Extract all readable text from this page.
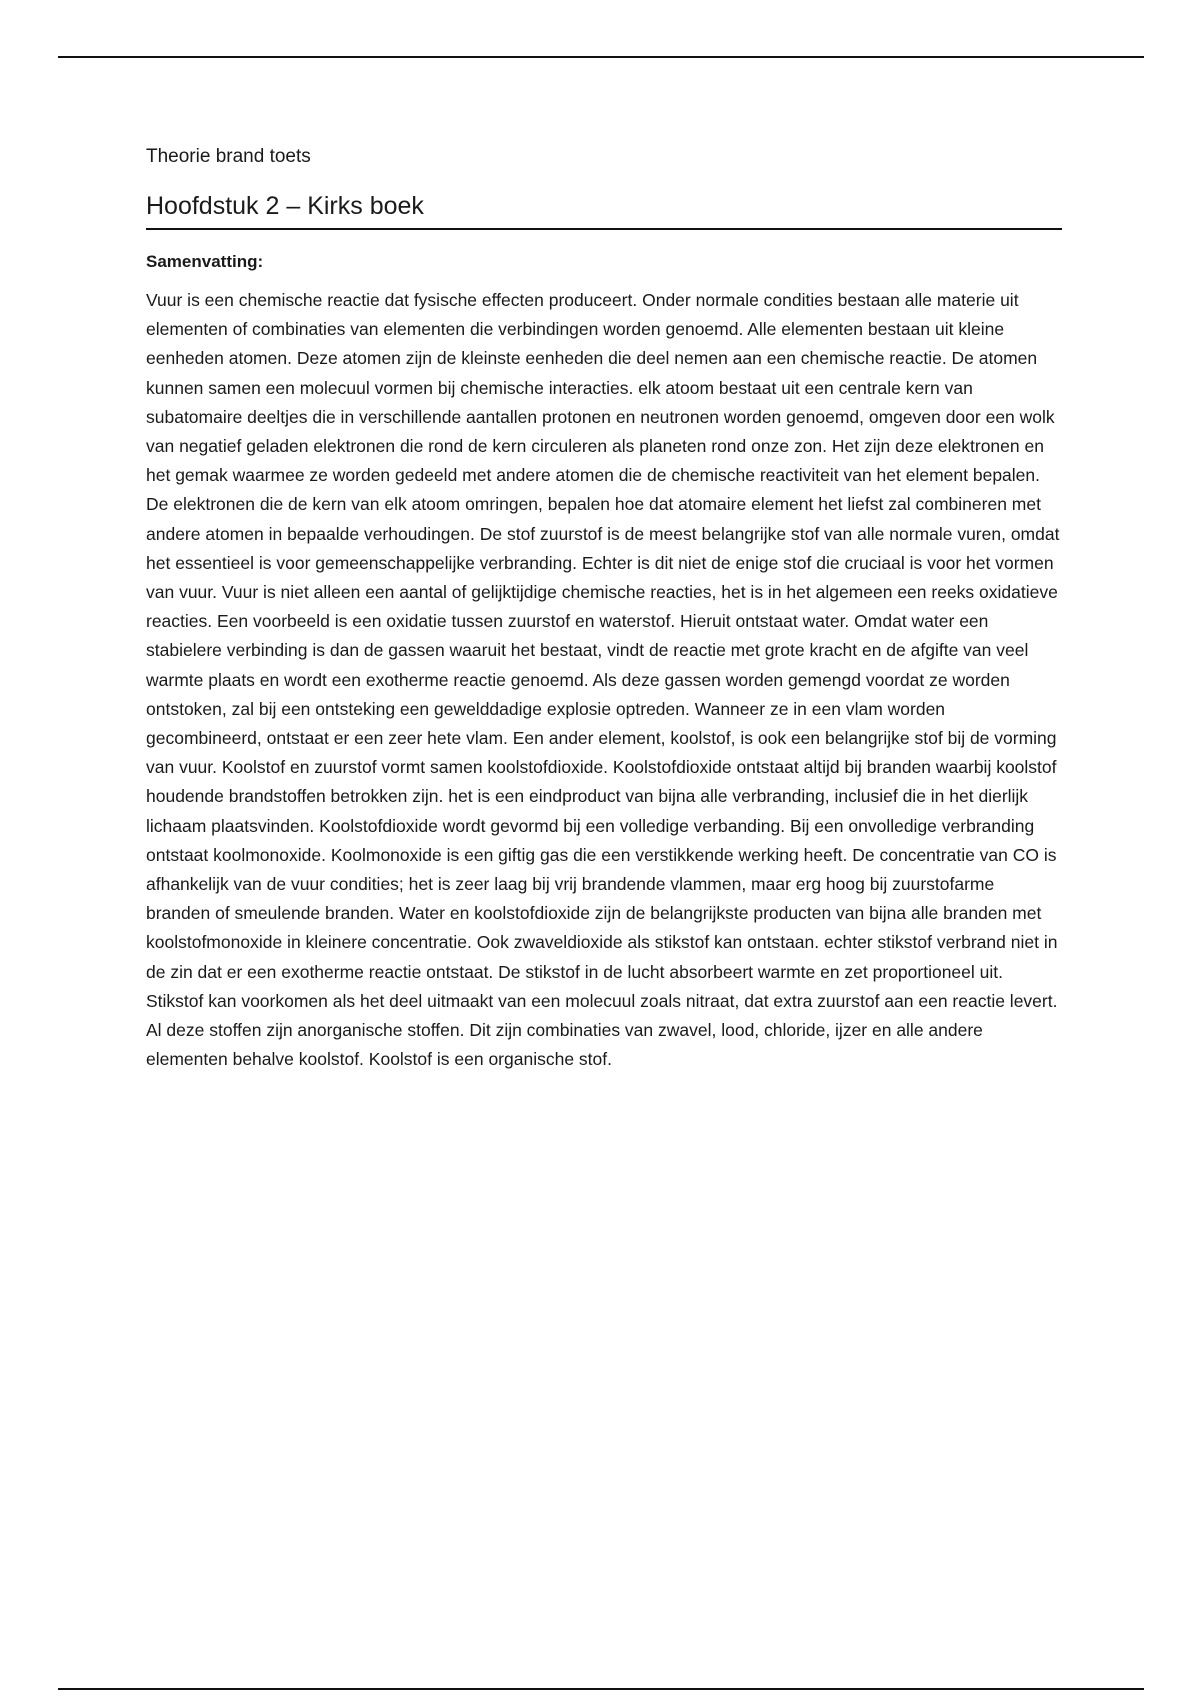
Theorie brand toets
Hoofdstuk 2 – Kirks boek
Samenvatting:

Vuur is een chemische reactie dat fysische effecten produceert. Onder normale condities bestaan alle materie uit elementen of combinaties van elementen die verbindingen worden genoemd. Alle elementen bestaan uit kleine eenheden atomen. Deze atomen zijn de kleinste eenheden die deel nemen aan een chemische reactie. De atomen kunnen samen een molecuul vormen bij chemische interacties. elk atoom bestaat uit een centrale kern van subatomaire deeltjes die in verschillende aantallen protonen en neutronen worden genoemd, omgeven door een wolk van negatief geladen elektronen die rond de kern circuleren als planeten rond onze zon. Het zijn deze elektronen en het gemak waarmee ze worden gedeeld met andere atomen die de chemische reactiviteit van het element bepalen. De elektronen die de kern van elk atoom omringen, bepalen hoe dat atomaire element het liefst zal combineren met andere atomen in bepaalde verhoudingen. De stof zuurstof is de meest belangrijke stof van alle normale vuren, omdat het essentieel is voor gemeenschappelijke verbranding. Echter is dit niet de enige stof die cruciaal is voor het vormen van vuur. Vuur is niet alleen een aantal of gelijktijdige chemische reacties, het is in het algemeen een reeks oxidatieve reacties. Een voorbeeld is een oxidatie tussen zuurstof en waterstof. Hieruit ontstaat water. Omdat water een stabielere verbinding is dan de gassen waaruit het bestaat, vindt de reactie met grote kracht en de afgifte van veel warmte plaats en wordt een exotherme reactie genoemd. Als deze gassen worden gemengd voordat ze worden ontstoken, zal bij een ontsteking een gewelddadige explosie optreden. Wanneer ze in een vlam worden gecombineerd, ontstaat er een zeer hete vlam. Een ander element, koolstof, is ook een belangrijke stof bij de vorming van vuur. Koolstof en zuurstof vormt samen koolstofdioxide. Koolstofdioxide ontstaat altijd bij branden waarbij koolstof houdende brandstoffen betrokken zijn. het is een eindproduct van bijna alle verbranding, inclusief die in het dierlijk lichaam plaatsvinden. Koolstofdioxide wordt gevormd bij een volledige verbanding. Bij een onvolledige verbranding ontstaat koolmonoxide. Koolmonoxide is een giftig gas die een verstikkende werking heeft. De concentratie van CO is afhankelijk van de vuur condities; het is zeer laag bij vrij brandende vlammen, maar erg hoog bij zuurstofarme branden of smeulende branden. Water en koolstofdioxide zijn de belangrijkste producten van bijna alle branden met koolstofmonoxide in kleinere concentratie. Ook zwaveldioxide als stikstof kan ontstaan. echter stikstof verbrand niet in de zin dat er een exotherme reactie ontstaat. De stikstof in de lucht absorbeert warmte en zet proportioneel uit. Stikstof kan voorkomen als het deel uitmaakt van een molecuul zoals nitraat, dat extra zuurstof aan een reactie levert. Al deze stoffen zijn anorganische stoffen. Dit zijn combinaties van zwavel, lood, chloride, ijzer en alle andere elementen behalve koolstof. Koolstof is een organische stof.
